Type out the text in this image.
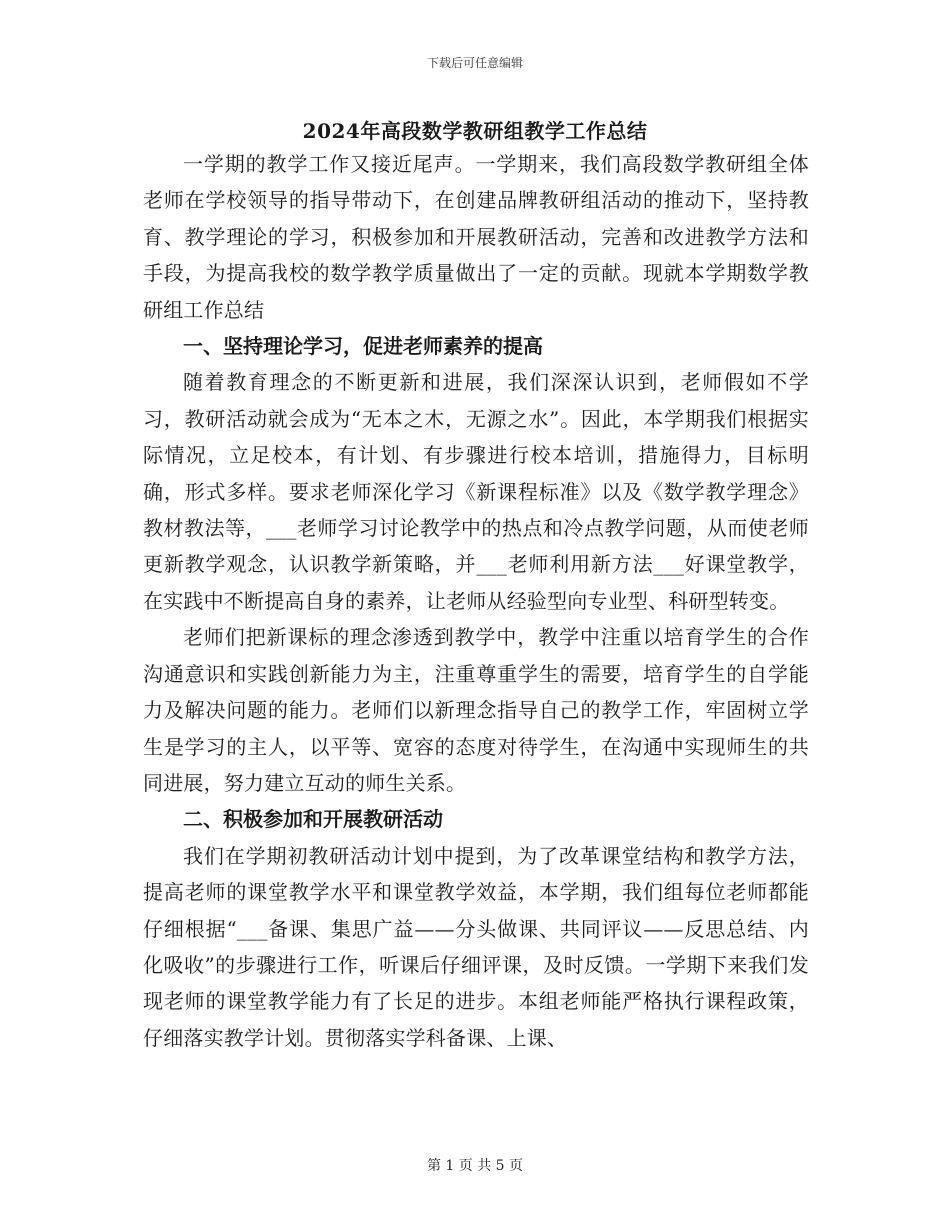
下载后可任意编辑
2024年高段数学教研组教学工作总结

一学期的教学工作又接近尾声。一学期来，我们高段数学教研组全体老师在学校领导的指导带动下，在创建品牌教研组活动的推动下，坚持教育、教学理论的学习，积极参加和开展教研活动，完善和改进教学方法和手段，为提高我校的数学教学质量做出了一定的贡献。现就本学期数学教研组工作总结

一、坚持理论学习，促进老师素养的提高

随着教育理念的不断更新和进展，我们深深认识到，老师假如不学习，教研活动就会成为“无本之木，无源之水”。因此，本学期我们根据实际情况，立足校本，有计划、有步骤进行校本培训，措施得力，目标明确，形式多样。要求老师深化学习《新课程标准》以及《数学教学理念》教材教法等，___老师学习讨论教学中的热点和冷点教学问题，从而使老师更新教学观念，认识教学新策略，并___老师利用新方法___好课堂教学，在实践中不断提高自身的素养，让老师从经验型向专业型、科研型转变。

老师们把新课标的理念渗透到教学中，教学中注重以培育学生的合作沟通意识和实践创新能力为主，注重尊重学生的需要，培育学生的自学能力及解决问题的能力。老师们以新理念指导自己的教学工作，牢固树立学生是学习的主人，以平等、宽容的态度对待学生，在沟通中实现师生的共同进展，努力建立互动的师生关系。

二、积极参加和开展教研活动

我们在学期初教研活动计划中提到，为了改革课堂结构和教学方法，提高老师的课堂教学水平和课堂教学效益，本学期，我们组每位老师都能仔细根据“___备课、集思广益——分头做课、共同评议——反思总结、内化吸收”的步骤进行工作，听课后仔细评课，及时反馈。一学期下来我们发现老师的课堂教学能力有了长足的进步。本组老师能严格执行课程政策，仔细落实教学计划。贯彻落实学科备课、上课、

第 1 页 共 5 页
